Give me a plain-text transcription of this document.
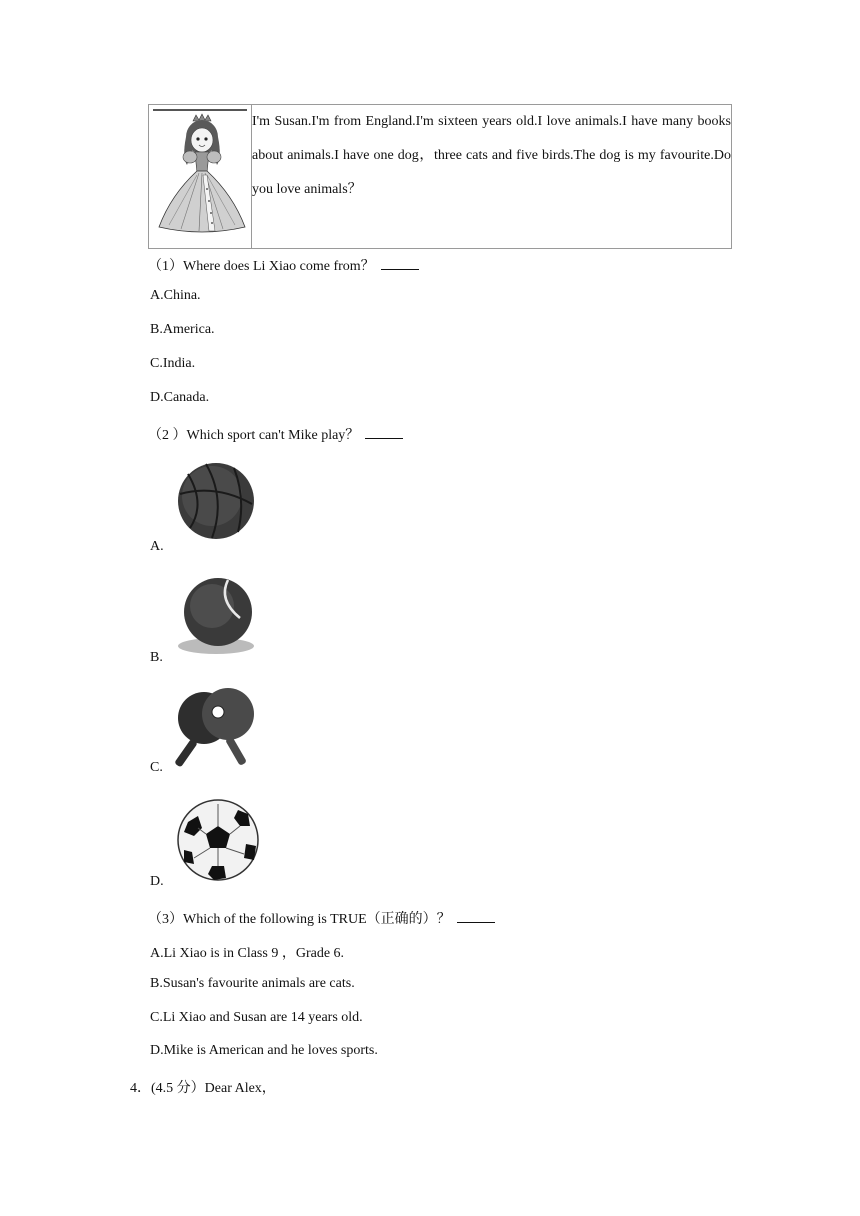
	I'm Susan.I'm from England.I'm sixteen years old.I love animals.I have many books about animals.I have one dog，three cats and five birds.The dog is my favourite.Do you love animals？
（1）Where does Li Xiao come from？
A.China.
B.America.
C.India.
D.Canada.
（2 ）Which sport can't Mike play？
A.
B.
C.
D.
（3）Which of the following is TRUE（正确的）？
A.Li Xiao is in Class 9 ，Grade 6.
B.Susan's favourite animals are cats.
C.Li Xiao and Susan are 14 years old.
D.Mike is American and he loves sports.
4．(4.5 分）Dear Alex，
